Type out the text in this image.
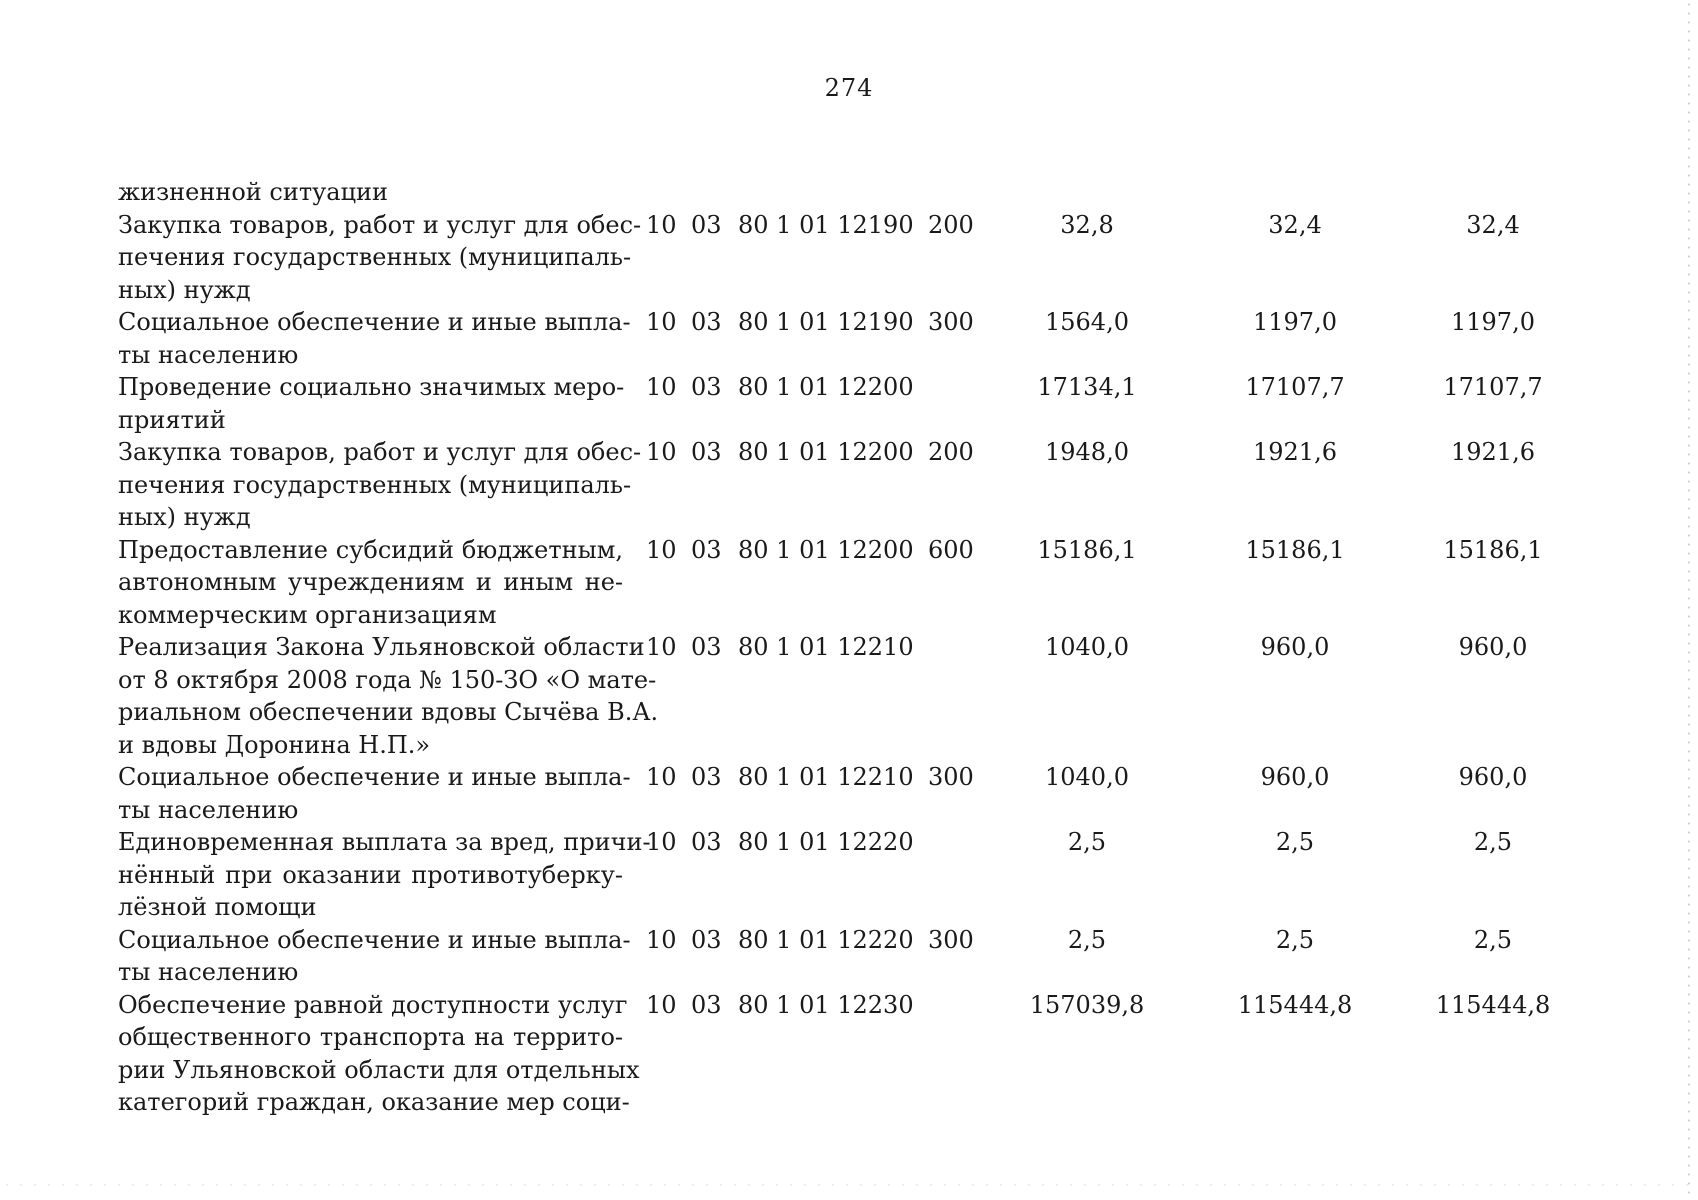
274
жизненной ситуации
Закупка товаров, работ и услуг для обес-
печения государственных (муниципаль-
ных) нужд
10 03 80 1 01 12190 200	32,8	32,4	32,4
Социальное обеспечение и иные выпла-
ты населению
10 03 80 1 01 12190 300	1564,0	1197,0	1197,0
Проведение социально значимых меро-
приятий
10 03 80 1 01 12200	17134,1	17107,7	17107,7
Закупка товаров, работ и услуг для обес-
печения государственных (муниципаль-
ных) нужд
10 03 80 1 01 12200 200	1948,0	1921,6	1921,6
Предоставление субсидий бюджетным,
автономным учреждениям и иным не-
коммерческим организациям
10 03 80 1 01 12200 600	15186,1	15186,1	15186,1
Реализация Закона Ульяновской области
от 8 октября 2008 года № 150-ЗО «О мате-
риальном обеспечении вдовы Сычёва В.А.
и вдовы Доронина Н.П.»
10 03 80 1 01 12210	1040,0	960,0	960,0
Социальное обеспечение и иные выпла-
ты населению
10 03 80 1 01 12210 300	1040,0	960,0	960,0
Единовременная выплата за вред, причи-
нённый при оказании противотуберку-
лёзной помощи
10 03 80 1 01 12220	2,5	2,5	2,5
Социальное обеспечение и иные выпла-
ты населению
10 03 80 1 01 12220 300	2,5	2,5	2,5
Обеспечение равной доступности услуг
общественного транспорта на террито-
рии Ульяновской области для отдельных
категорий граждан, оказание мер соци-
10 03 80 1 01 12230	157039,8	115444,8	115444,8
